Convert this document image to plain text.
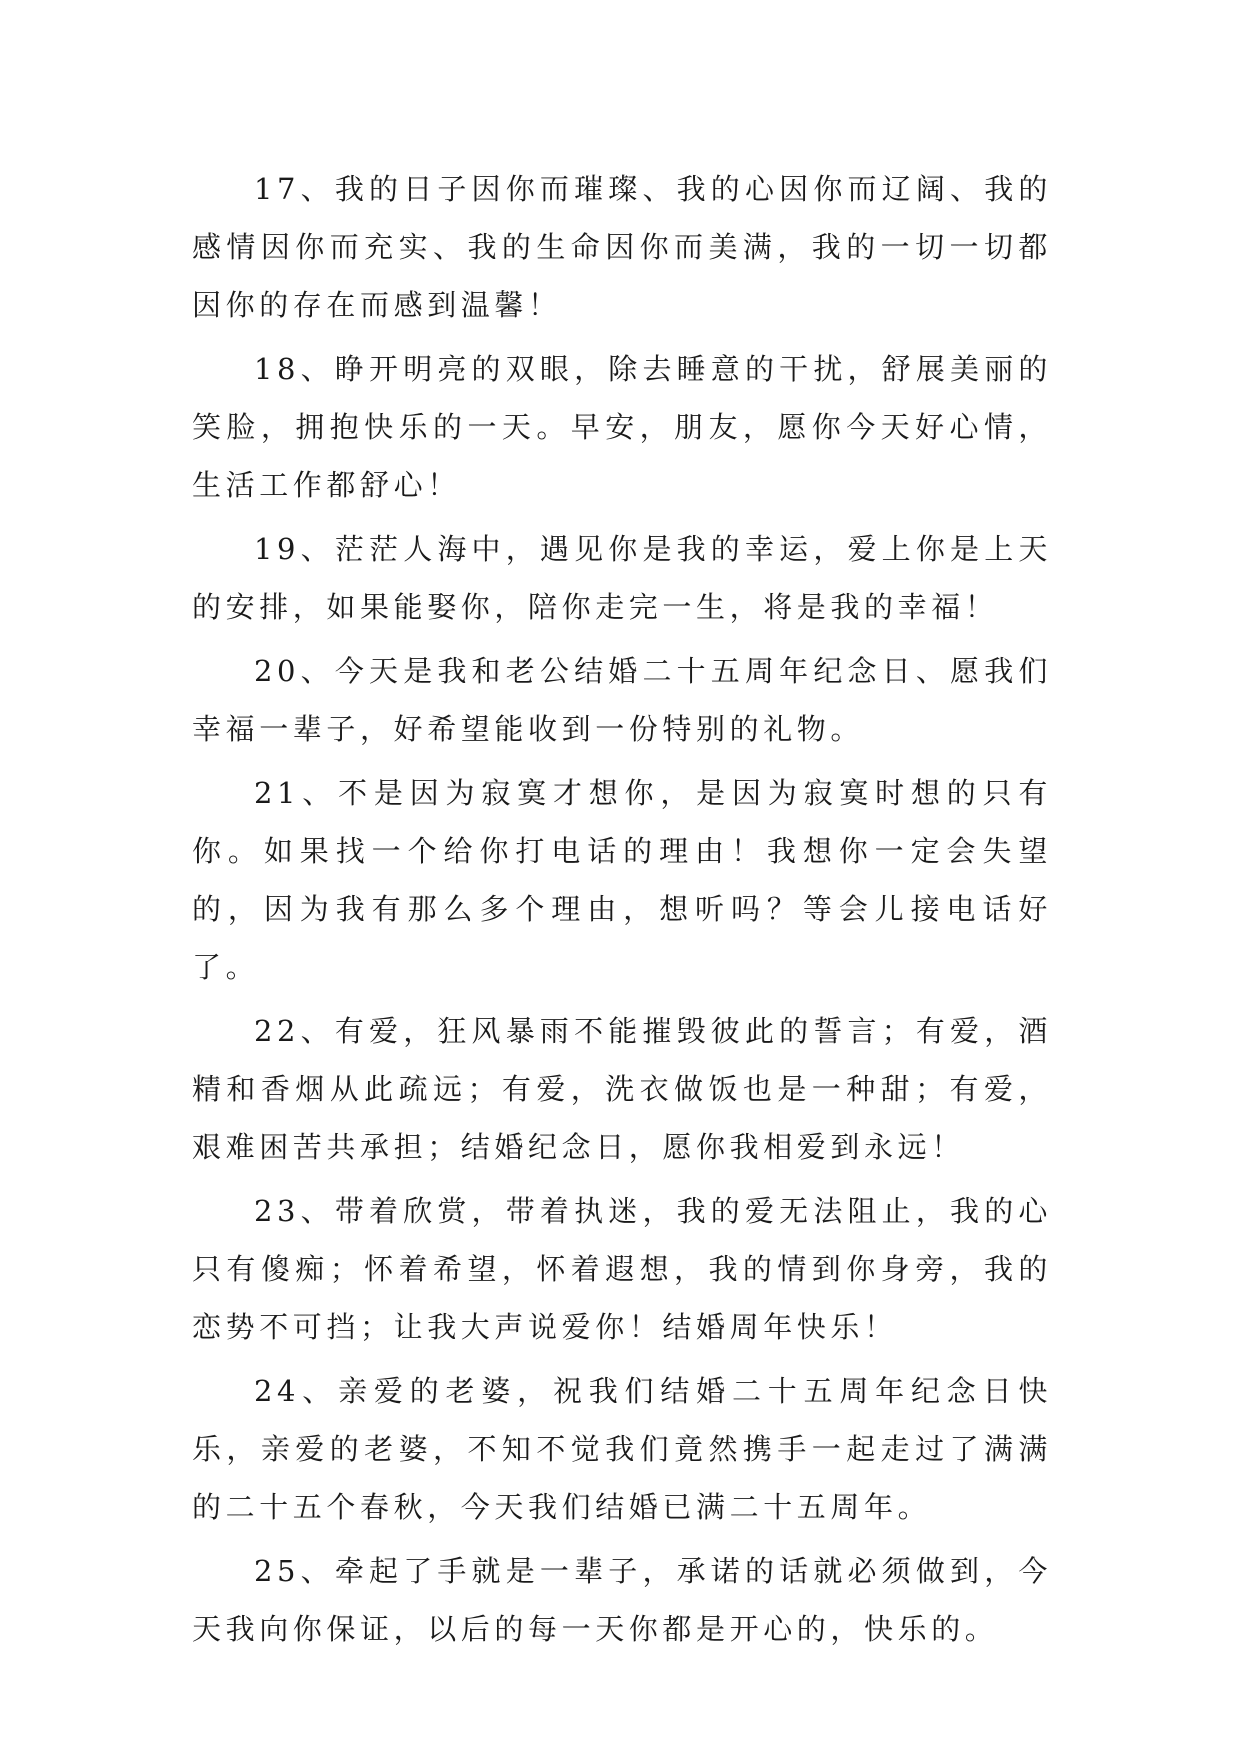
17、我的日子因你而璀璨、我的心因你而辽阔、我的感情因你而充实、我的生命因你而美满，我的一切一切都因你的存在而感到温馨！

18、睁开明亮的双眼，除去睡意的干扰，舒展美丽的笑脸，拥抱快乐的一天。早安，朋友，愿你今天好心情，生活工作都舒心！

19、茫茫人海中，遇见你是我的幸运，爱上你是上天的安排，如果能娶你，陪你走完一生，将是我的幸福！

20、今天是我和老公结婚二十五周年纪念日、愿我们幸福一辈子，好希望能收到一份特别的礼物。

21、不是因为寂寞才想你，是因为寂寞时想的只有你。如果找一个给你打电话的理由！我想你一定会失望的，因为我有那么多个理由，想听吗？等会儿接电话好了。

22、有爱，狂风暴雨不能摧毁彼此的誓言；有爱，酒精和香烟从此疏远；有爱，洗衣做饭也是一种甜；有爱，艰难困苦共承担；结婚纪念日，愿你我相爱到永远！

23、带着欣赏，带着执迷，我的爱无法阻止，我的心只有傻痴；怀着希望，怀着遐想，我的情到你身旁，我的恋势不可挡；让我大声说爱你！结婚周年快乐！

24、亲爱的老婆，祝我们结婚二十五周年纪念日快乐，亲爱的老婆，不知不觉我们竟然携手一起走过了满满的二十五个春秋，今天我们结婚已满二十五周年。

25、牵起了手就是一辈子，承诺的话就必须做到，今天我向你保证，以后的每一天你都是开心的，快乐的。
